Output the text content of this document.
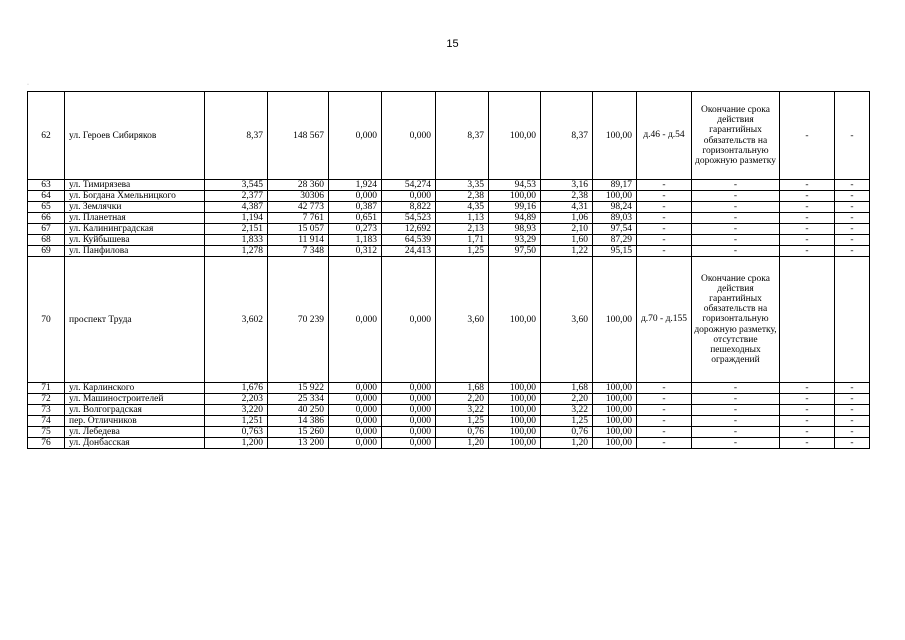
15
·
62	ул. Героев Сибиряков	8,37	148 567	0,000	0,000	8,37	100,00	8,37	100,00	д.46 - д.54	Окончание срока действия гарантийных обязательств на горизонтальную дорожную разметку	-	-
63	ул. Тимирязева	3,545	28 360	1,924	54,274	3,35	94,53	3,16	89,17	-	-	-	-
64	ул. Богдана Хмельницкого	2,377	30306	0,000	0,000	2,38	100,00	2,38	100,00	-	-	-	-
65	ул. Землячки	4,387	42 773	0,387	8,822	4,35	99,16	4,31	98,24	-	-	-	-
66	ул. Планетная	1,194	7 761	0,651	54,523	1,13	94,89	1,06	89,03	-	-	-	-
67	ул. Калининградская	2,151	15 057	0,273	12,692	2,13	98,93	2,10	97,54	-	-	-	-
68	ул. Куйбышева	1,833	11 914	1,183	64,539	1,71	93,29	1,60	87,29	-	-	-	-
69	ул. Панфилова	1,278	7 348	0,312	24,413	1,25	97,50	1,22	95,15	-	-	-	-
70	проспект Труда	3,602	70 239	0,000	0,000	3,60	100,00	3,60	100,00	д.70 - д.155	Окончание срока действия гарантийных обязательств на горизонтальную дорожную разметку, отсутствие пешеходных ограждений		
71	ул. Карлинского	1,676	15 922	0,000	0,000	1,68	100,00	1,68	100,00	-	-	-	-
72	ул. Машиностроителей	2,203	25 334	0,000	0,000	2,20	100,00	2,20	100,00	-	-	-	-
73	ул. Волгоградская	3,220	40 250	0,000	0,000	3,22	100,00	3,22	100,00	-	-	-	-
74	пер. Отличников	1,251	14 386	0,000	0,000	1,25	100,00	1,25	100,00	-	-	-	-
75	ул. Лебедева	0,763	15 260	0,000	0,000	0,76	100,00	0,76	100,00	-	-	-	-
76	ул. Донбасская	1,200	13 200	0,000	0,000	1,20	100,00	1,20	100,00	-	-	-	-
